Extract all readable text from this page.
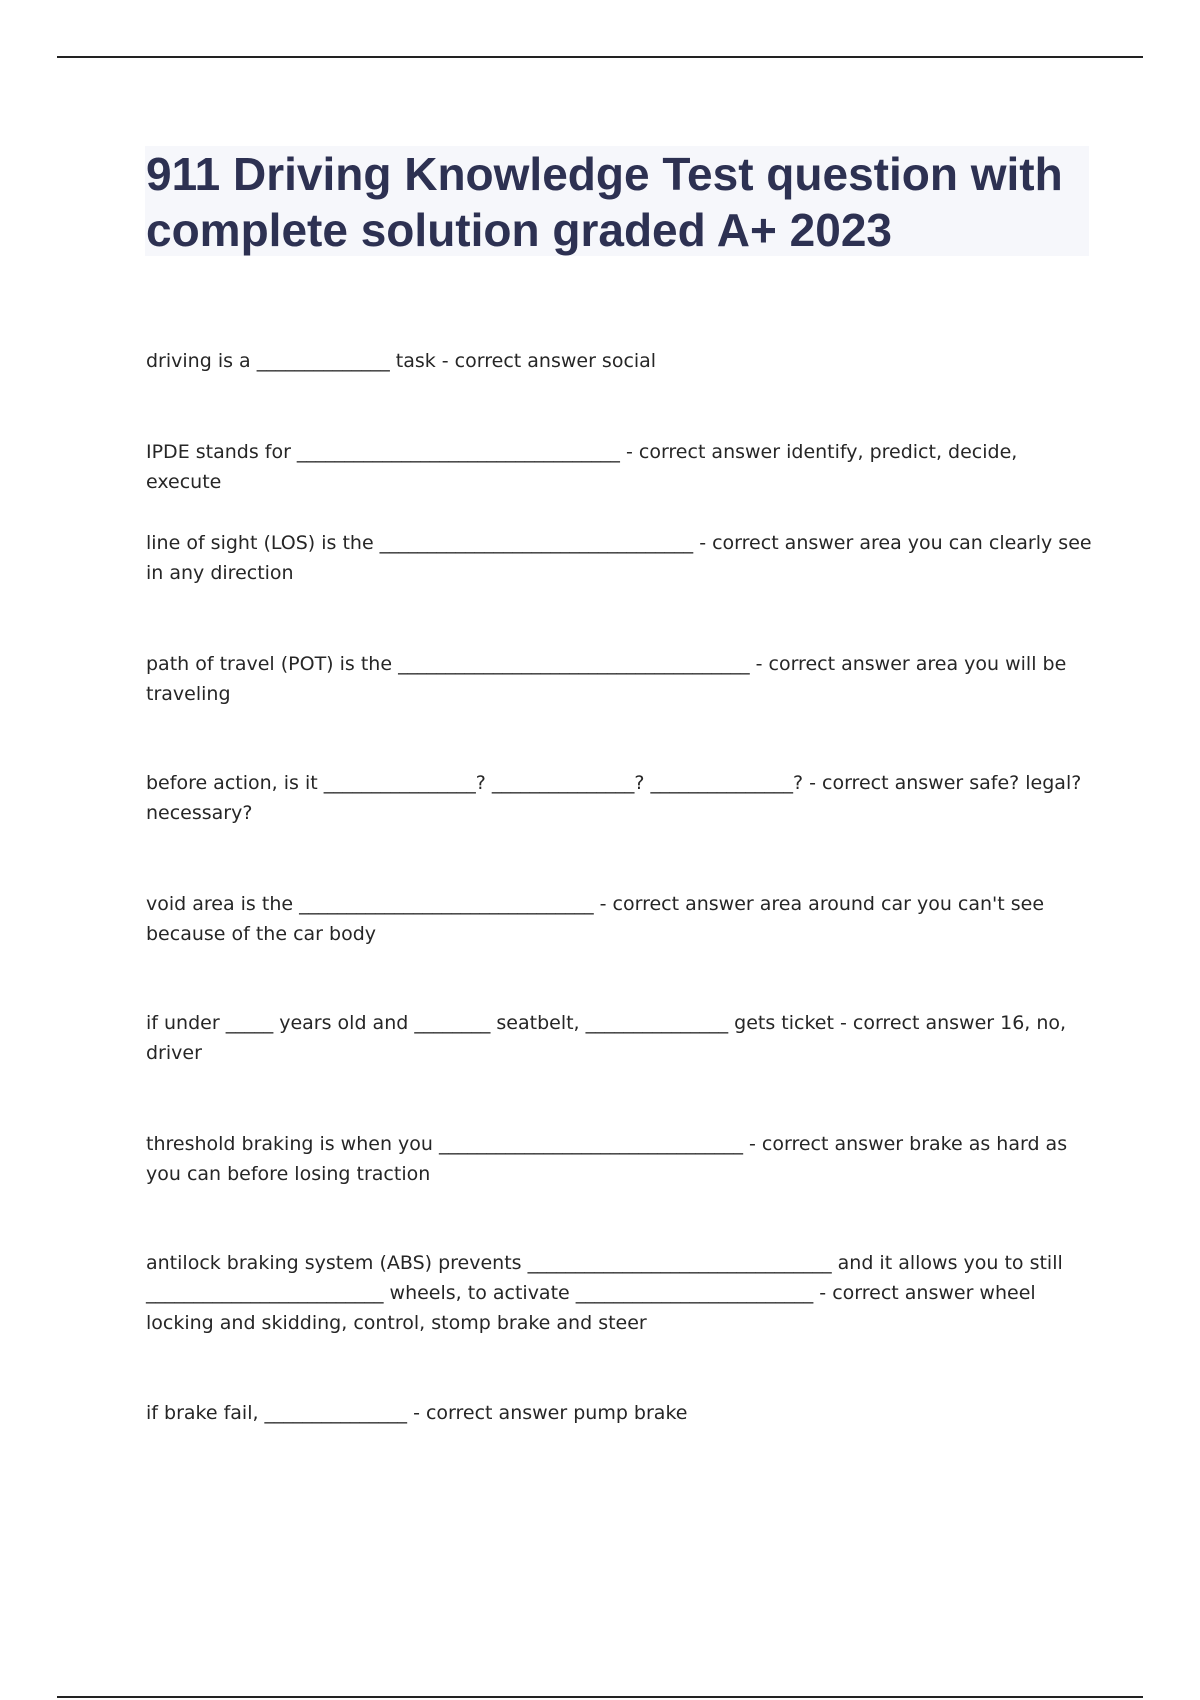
911 Driving Knowledge Test question with complete solution graded A+ 2023

driving is a ______________ task - correct answer social

IPDE stands for __________________________________ - correct answer identify, predict, decide, execute

line of sight (LOS) is the _________________________________ - correct answer area you can clearly see in any direction

path of travel (POT) is the _____________________________________ - correct answer area you will be traveling

before action, is it ________________? _______________? _______________? - correct answer safe? legal? necessary?

void area is the _______________________________ - correct answer area around car you can't see because of the car body

if under _____ years old and ________ seatbelt, _______________ gets ticket - correct answer 16, no, driver

threshold braking is when you ________________________________ - correct answer brake as hard as you can before losing traction

antilock braking system (ABS) prevents ________________________________ and it allows you to still _________________________ wheels, to activate _________________________ - correct answer wheel locking and skidding, control, stomp brake and steer

if brake fail, _______________ - correct answer pump brake
